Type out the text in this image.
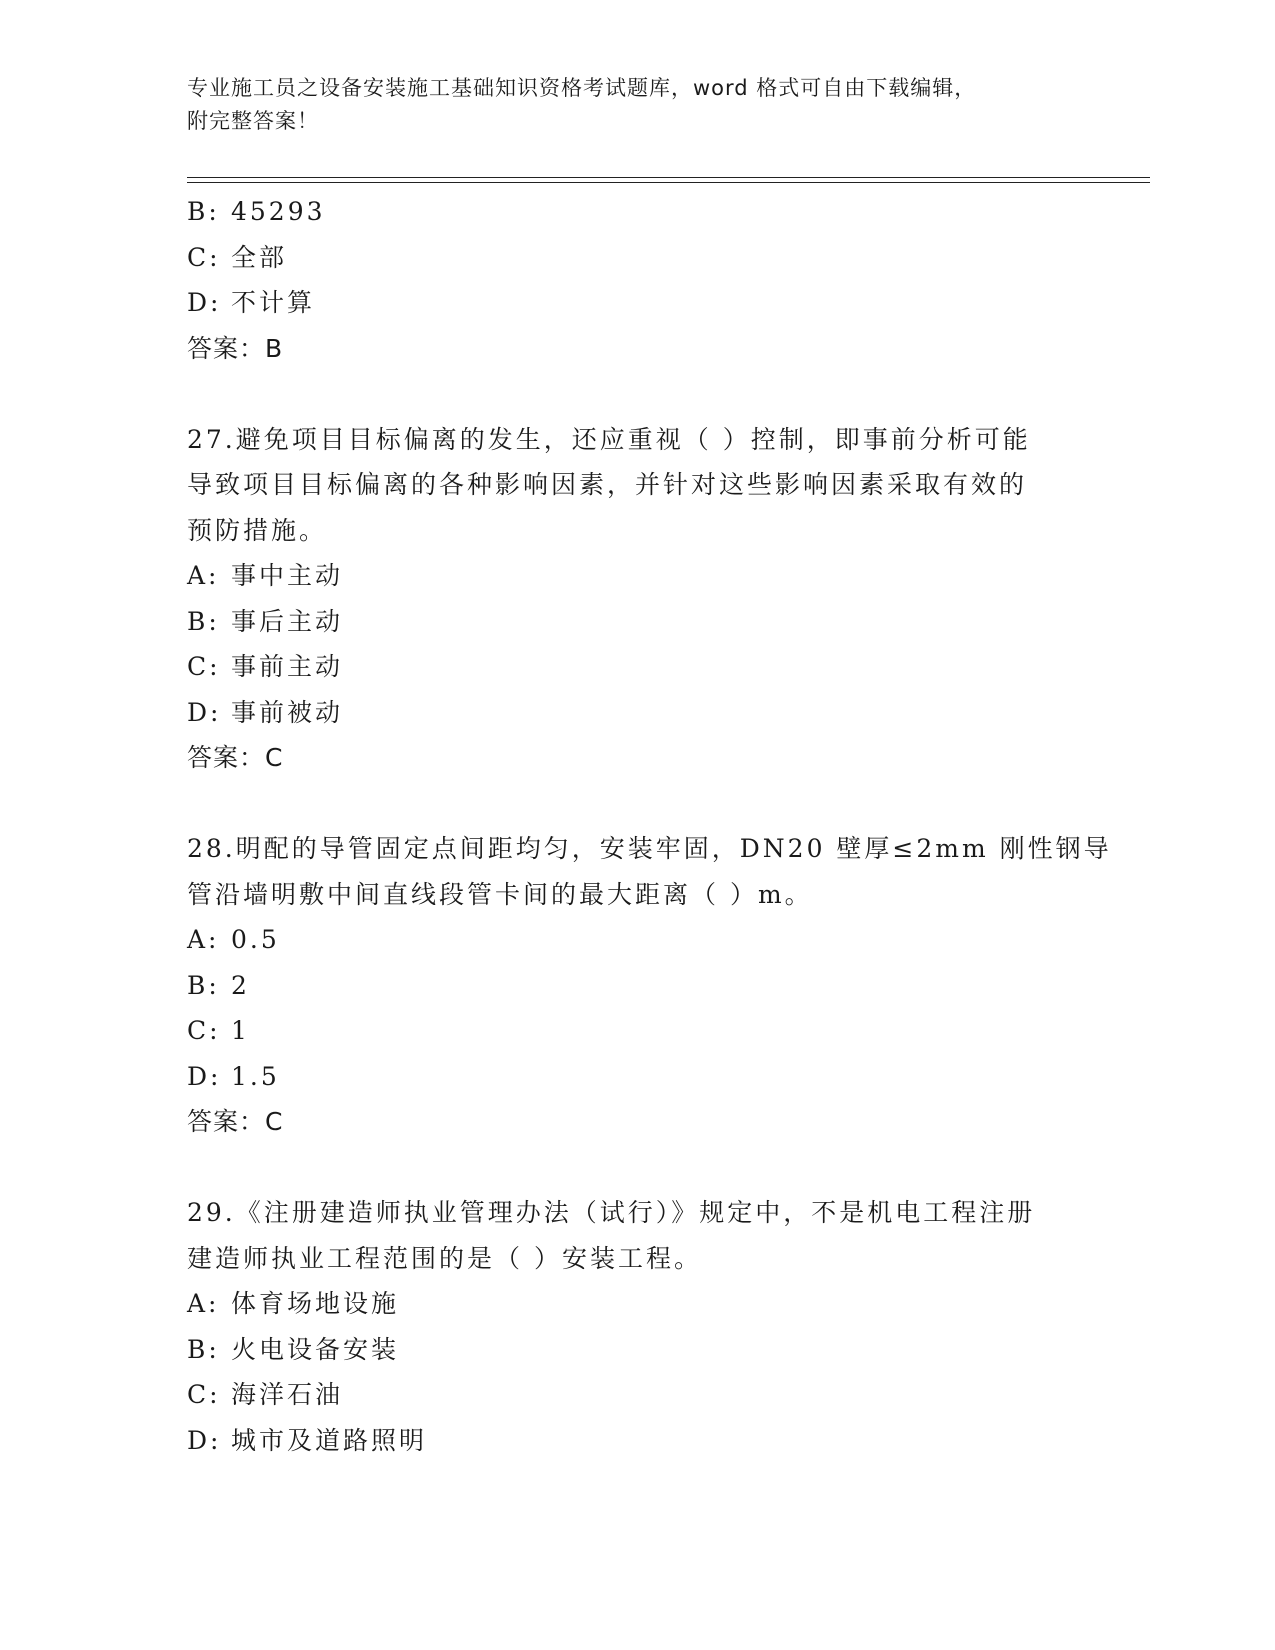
专业施工员之设备安装施工基础知识资格考试题库，word 格式可自由下载编辑，
附完整答案！
B: 45293
C: 全部
D: 不计算
答案：B
27.避免项目目标偏离的发生，还应重视（ ）控制，即事前分析可能
导致项目目标偏离的各种影响因素，并针对这些影响因素采取有效的
预防措施。
A: 事中主动
B: 事后主动
C: 事前主动
D: 事前被动
答案：C
28.明配的导管固定点间距均匀，安装牢固，DN20 壁厚≤2mm 刚性钢导
管沿墙明敷中间直线段管卡间的最大距离（ ）m。
A: 0.5
B: 2
C: 1
D: 1.5
答案：C
29.《注册建造师执业管理办法（试行）》规定中，不是机电工程注册
建造师执业工程范围的是（ ）安装工程。
A: 体育场地设施
B: 火电设备安装
C: 海洋石油
D: 城市及道路照明
